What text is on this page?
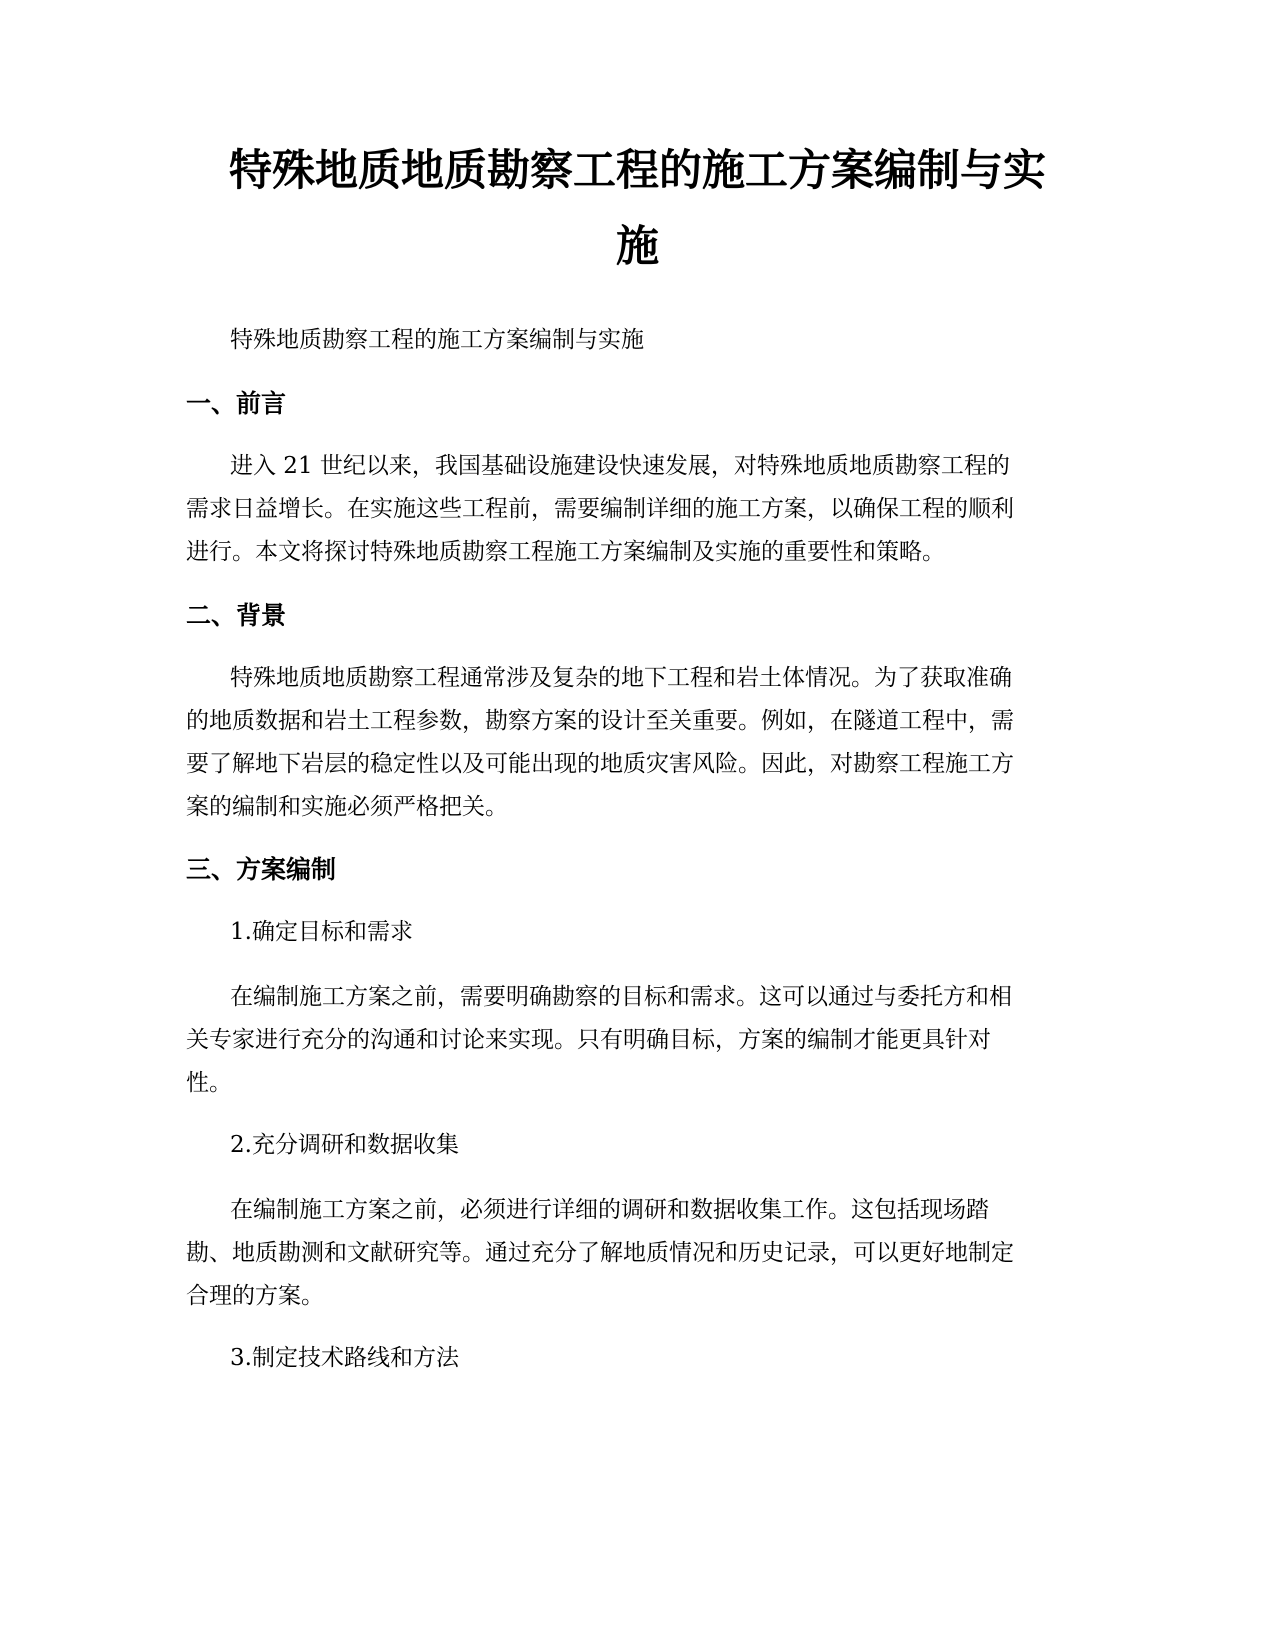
特殊地质地质勘察工程的施工方案编制与实
施

特殊地质勘察工程的施工方案编制与实施

一、前言
进入 21 世纪以来，我国基础设施建设快速发展，对特殊地质地质勘察工程的
需求日益增长。在实施这些工程前，需要编制详细的施工方案，以确保工程的顺利
进行。本文将探讨特殊地质勘察工程施工方案编制及实施的重要性和策略。
二、背景
特殊地质地质勘察工程通常涉及复杂的地下工程和岩土体情况。为了获取准确
的地质数据和岩土工程参数，勘察方案的设计至关重要。例如，在隧道工程中，需
要了解地下岩层的稳定性以及可能出现的地质灾害风险。因此，对勘察工程施工方
案的编制和实施必须严格把关。
三、方案编制

1.确定目标和需求

在编制施工方案之前，需要明确勘察的目标和需求。这可以通过与委托方和相
关专家进行充分的沟通和讨论来实现。只有明确目标，方案的编制才能更具针对
性。

2.充分调研和数据收集

在编制施工方案之前，必须进行详细的调研和数据收集工作。这包括现场踏
勘、地质勘测和文献研究等。通过充分了解地质情况和历史记录，可以更好地制定
合理的方案。

3.制定技术路线和方法
